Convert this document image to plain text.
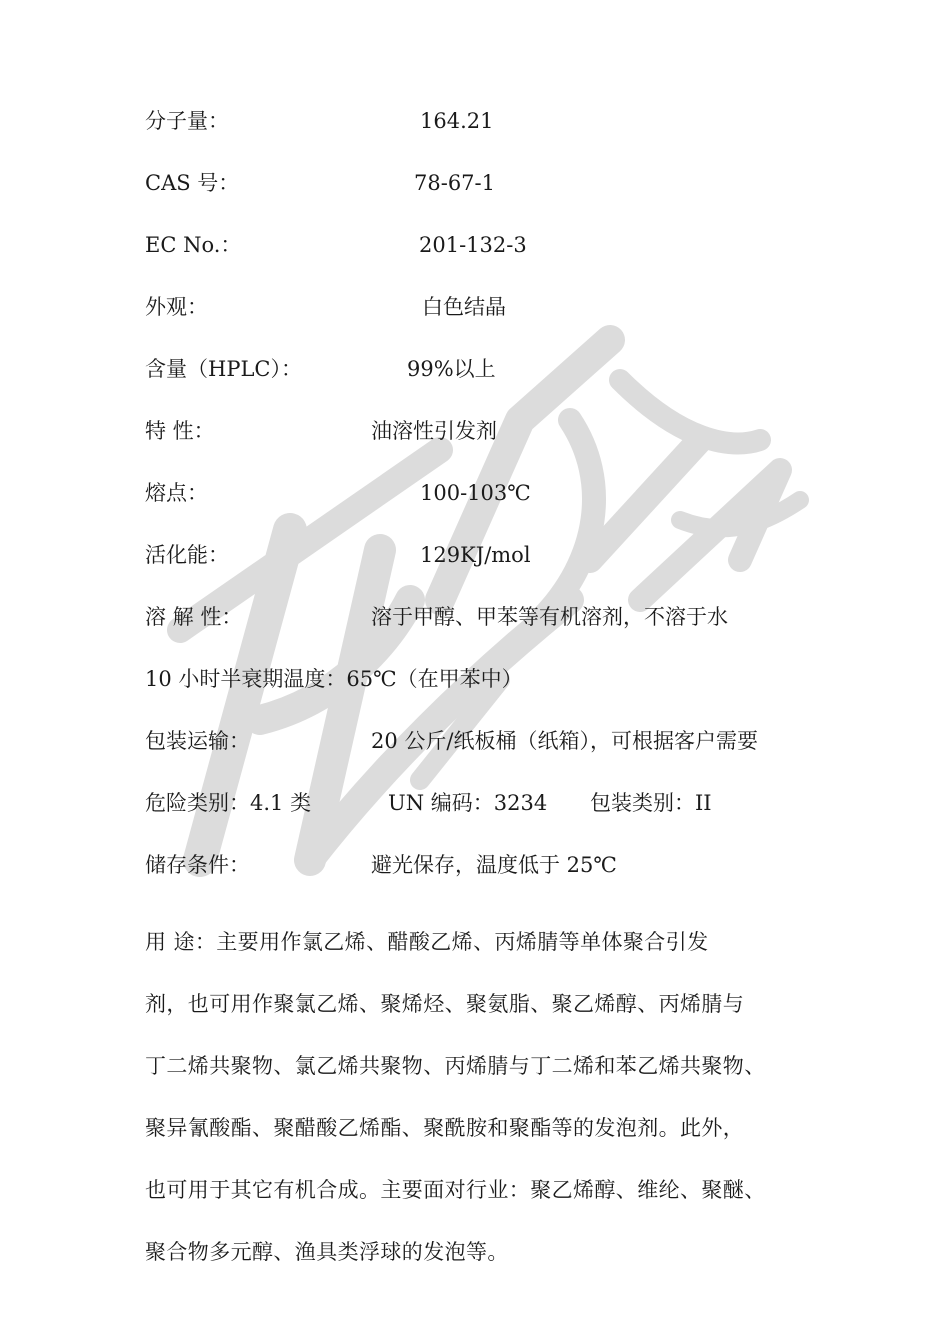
分子量：	164.21
CAS 号：	78-67-1
EC No.：	201-132-3
外观：	白色结晶
含量（HPLC）：	99%以上
特 性：	油溶性引发剂
熔点：	100-103℃
活化能：	129KJ/mol
溶 解 性：	溶于甲醇、甲苯等有机溶剂，不溶于水
10 小时半衰期温度：65℃（在甲苯中）
包装运输：	20 公斤/纸板桶（纸箱），可根据客户需要
危险类别：4.1 类	UN 编码：3234 包装类别：II
储存条件：	避光保存，温度低于 25℃
用 途：主要用作氯乙烯、醋酸乙烯、丙烯腈等单体聚合引发
剂，也可用作聚氯乙烯、聚烯烃、聚氨脂、聚乙烯醇、丙烯腈与
丁二烯共聚物、氯乙烯共聚物、丙烯腈与丁二烯和苯乙烯共聚物、
聚异氰酸酯、聚醋酸乙烯酯、聚酰胺和聚酯等的发泡剂。此外，
也可用于其它有机合成。主要面对行业：聚乙烯醇、维纶、聚醚、
聚合物多元醇、渔具类浮球的发泡等。
